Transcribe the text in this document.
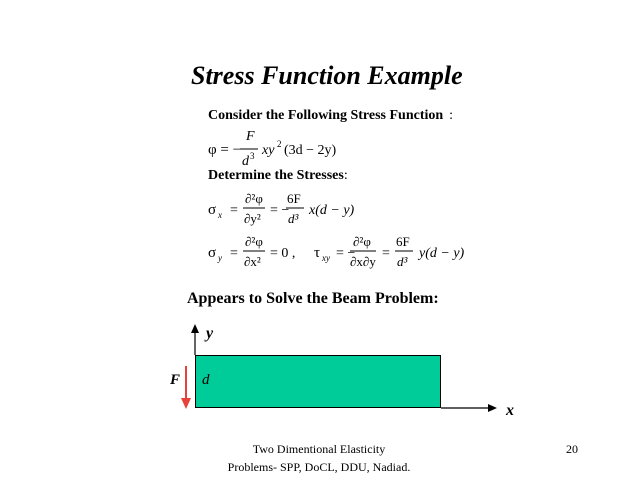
Stress Function Example
Consider the Following Stress Function :
φ = −
F
d 3 xy 2 (3d − 2y)
σ x =
∂²φ
∂y²
= −
6F
d³
x(d − y)
σ y =
∂²φ
∂x²
= 0 , τ xy = −
∂²φ
∂x∂y
=
6F
d³
y(d − y)
Determine the Stresses:
Appears to Solve the Beam Problem:
y
x
F d
Two Dimentional Elasticity
Problems- SPP, DoCL, DDU, Nadiad.
20
